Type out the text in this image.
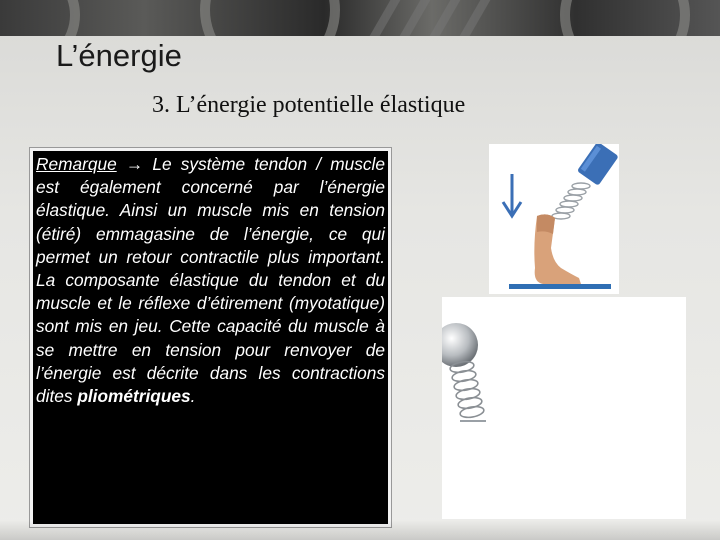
L’énergie
3. L’énergie potentielle élastique

Remarque → Le système tendon / muscle est également concerné par l’énergie élastique. Ainsi un muscle mis en tension (étiré) emmagasine de l’énergie, ce qui permet un retour contractile plus important. La composante élastique du tendon et du muscle et le réflexe d’étirement (myotatique) sont mis en jeu. Cette capacité du muscle à se mettre en tension pour renvoyer de l’énergie est décrite dans les contractions dites pliométriques.
